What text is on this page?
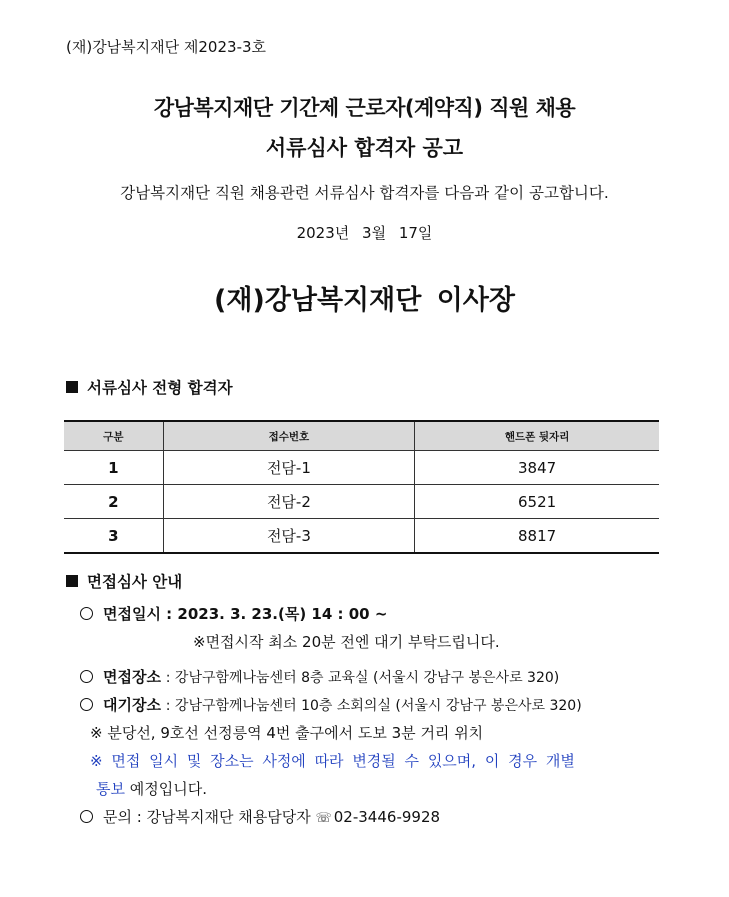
(재)강남복지재단 제2023-3호
강남복지재단 기간제 근로자(계약직) 직원 채용
서류심사 합격자 공고
강남복지재단 직원 채용관련 서류심사 합격자를 다음과 같이 공고합니다.
2023년 3월 17일
(재)강남복지재단 이사장
서류심사 전형 합격자
구분	접수번호	핸드폰 뒷자리
1	전담-1	3847
2	전담-2	6521
3	전담-3	8817
면접심사 안내
면접일시 : 2023. 3. 23.(목) 14 : 00 ~
※면접시작 최소 20분 전엔 대기 부탁드립니다.
면접장소 : 강남구함께나눔센터 8층 교육실 (서울시 강남구 봉은사로 320)
대기장소 : 강남구함께나눔센터 10층 소회의실 (서울시 강남구 봉은사로 320)
※ 분당선, 9호선 선정릉역 4번 출구에서 도보 3분 거리 위치
※ 면접 일시 및 장소는 사정에 따라 변경될 수 있으며, 이 경우 개별
통보 예정입니다.
문의 : 강남복지재단 채용담당자 ☏ 02-3446-9928
